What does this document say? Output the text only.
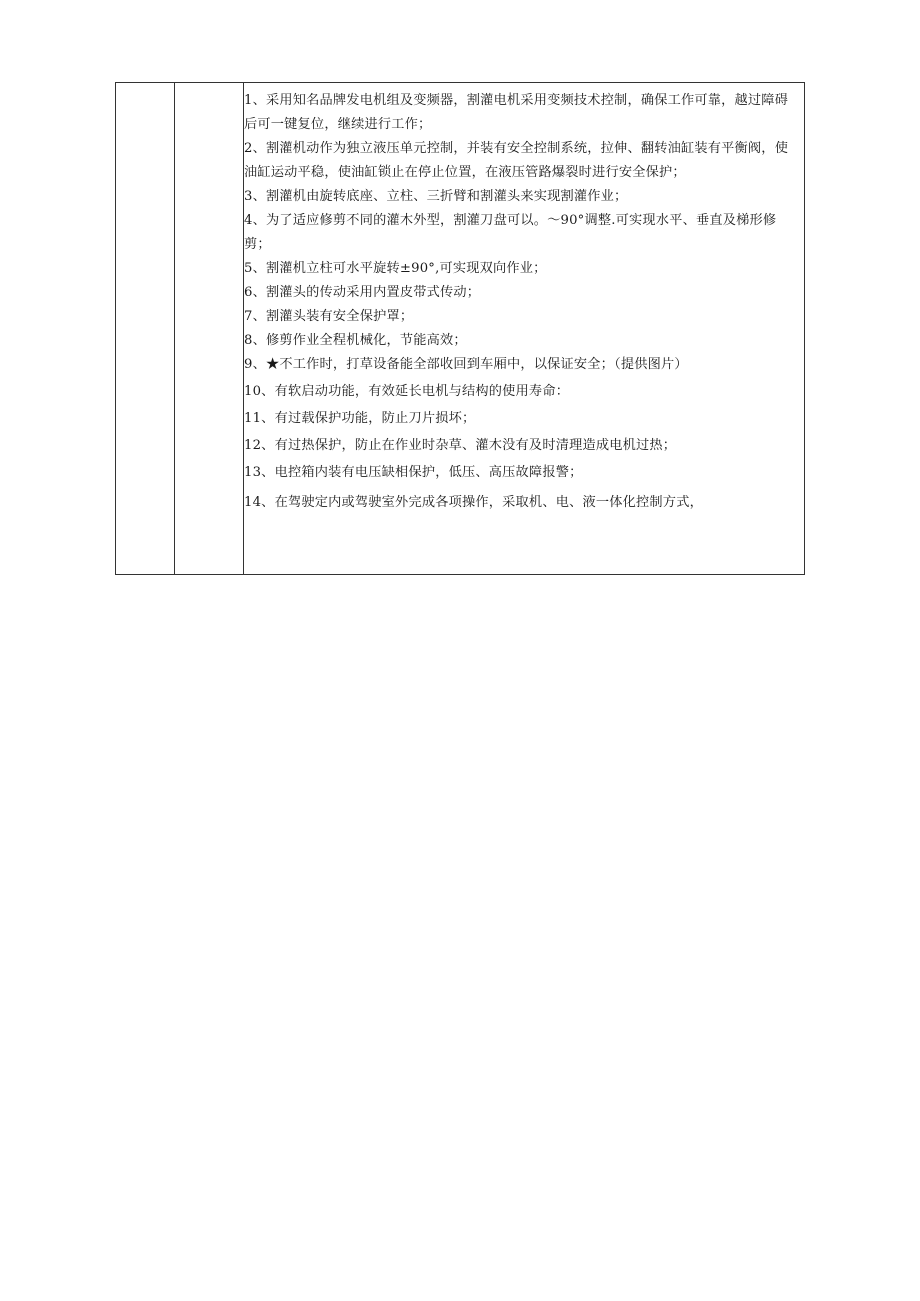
1、采用知名品牌发电机组及变频器，割灌电机采用变频技术控制，确保工作可靠，越过障碍后可一键复位，继续进行工作；

2、割灌机动作为独立液压单元控制，并装有安全控制系统，拉伸、翻转油缸装有平衡阀，使油缸运动平稳，使油缸锁止在停止位置，在液压管路爆裂时进行安全保护；

3、割灌机由旋转底座、立柱、三折臂和割灌头来实现割灌作业；

4、为了适应修剪不同的灌木外型，割灌刀盘可以。～90°调整.可实现水平、垂直及梯形修剪；

5、割灌机立柱可水平旋转±90°,可实现双向作业；

6、割灌头的传动采用内置皮带式传动；

7、割灌头装有安全保护罩；

8、修剪作业全程机械化，节能高效；

9、★不工作时，打草设备能全部收回到车厢中，以保证安全；（提供图片）

10、有软启动功能，有效延长电机与结构的使用寿命：

11、有过载保护功能，防止刀片损坏；

12、有过热保护，防止在作业时杂草、灌木没有及时清理造成电机过热；

13、电控箱内装有电压缺相保护，低压、高压故障报警；

14、在驾驶定内或驾驶室外完成各项操作，采取机、电、液一体化控制方式，
